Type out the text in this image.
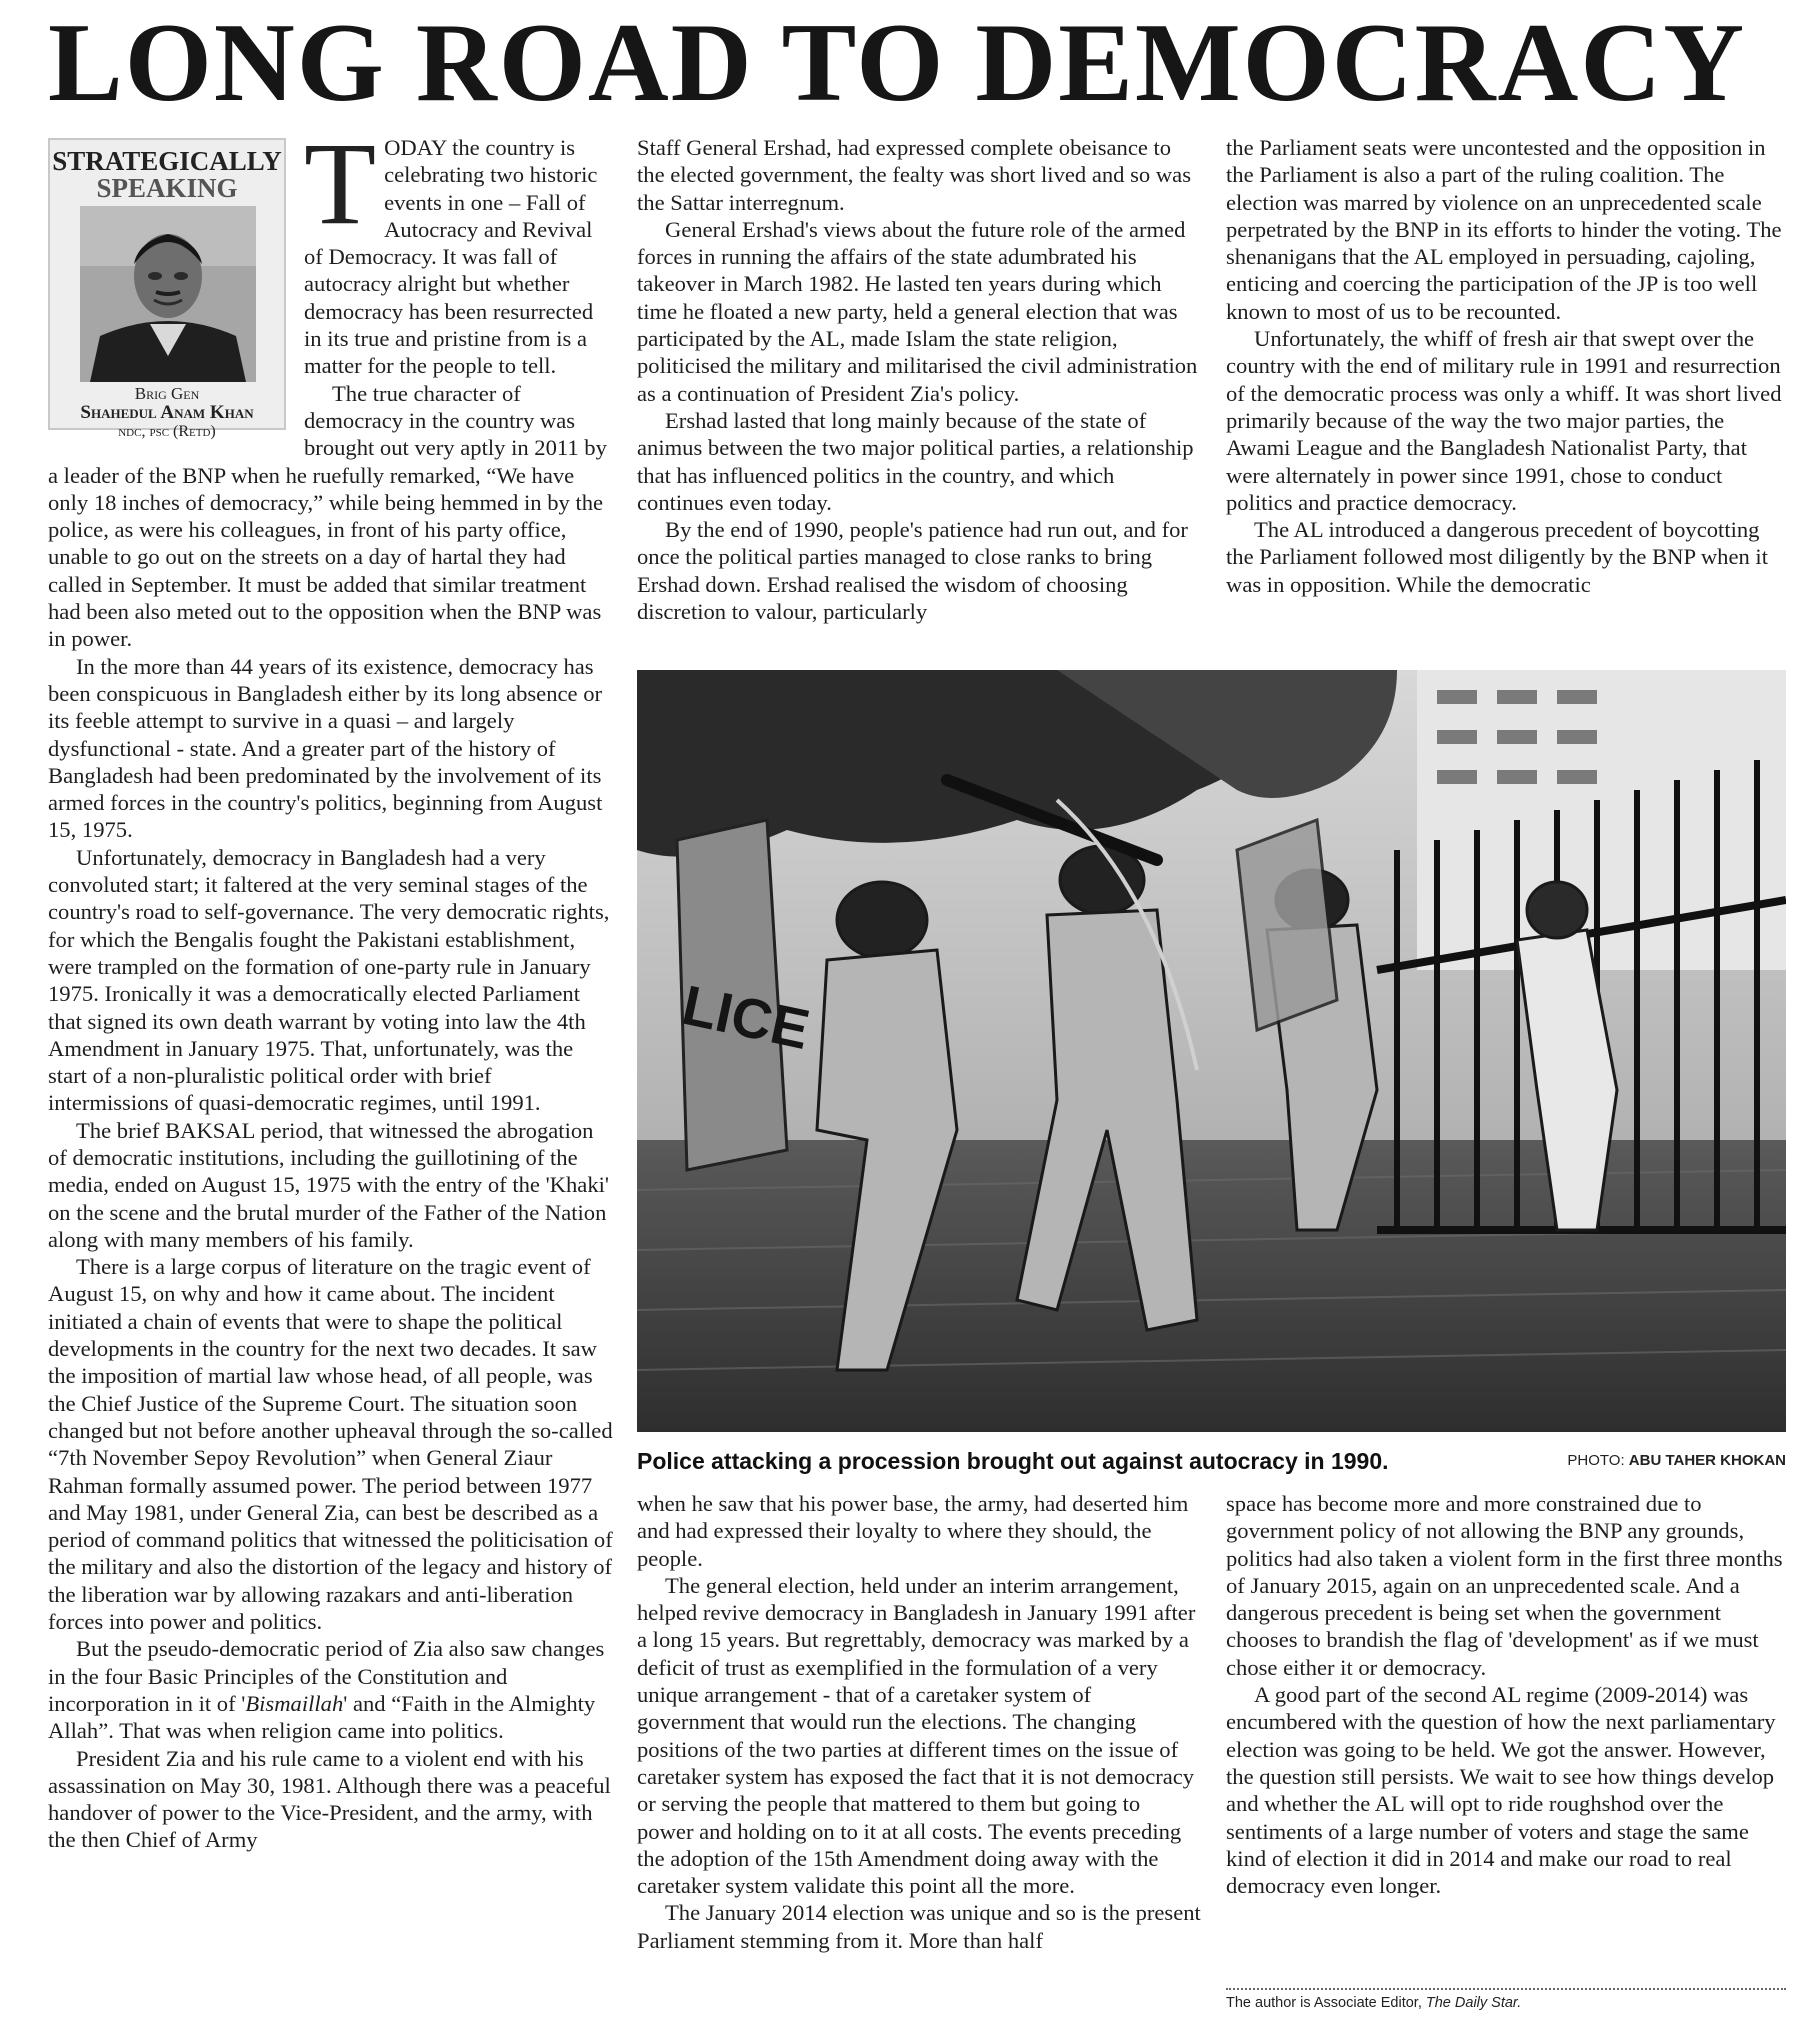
LONG ROAD TO DEMOCRACY
STRATEGICALLY
SPEAKING
Brig Gen
Shahedul Anam Khan
ndc, psc (Retd)

TODAY the country is celebrating two historic events in one – Fall of Autocracy and Revival of Democracy. It was fall of autocracy alright but whether democracy has been resurrected in its true and pristine from is a matter for the people to tell.

The true character of democracy in the country was brought out very aptly in 2011 by a leader of the BNP when he ruefully remarked, “We have only 18 inches of democracy,” while being hemmed in by the police, as were his colleagues, in front of his party office, unable to go out on the streets on a day of hartal they had called in September. It must be added that similar treatment had been also meted out to the opposition when the BNP was in power.

In the more than 44 years of its existence, democracy has been conspicuous in Bangladesh either by its long absence or its feeble attempt to survive in a quasi – and largely dysfunctional - state. And a greater part of the history of Bangladesh had been predominated by the involvement of its armed forces in the country's politics, beginning from August 15, 1975.

Unfortunately, democracy in Bangladesh had a very convoluted start; it faltered at the very seminal stages of the country's road to self-governance. The very democratic rights, for which the Bengalis fought the Pakistani establishment, were trampled on the formation of one-party rule in January 1975. Ironically it was a democratically elected Parliament that signed its own death warrant by voting into law the 4th Amendment in January 1975. That, unfortunately, was the start of a non-pluralistic political order with brief intermissions of quasi-democratic regimes, until 1991.

The brief BAKSAL period, that witnessed the abrogation of democratic institutions, including the guillotining of the media, ended on August 15, 1975 with the entry of the 'Khaki' on the scene and the brutal murder of the Father of the Nation along with many members of his family.

There is a large corpus of literature on the tragic event of August 15, on why and how it came about. The incident initiated a chain of events that were to shape the political developments in the country for the next two decades. It saw the imposition of martial law whose head, of all people, was the Chief Justice of the Supreme Court. The situation soon changed but not before another upheaval through the so-called “7th November Sepoy Revolution” when General Ziaur Rahman formally assumed power. The period between 1977 and May 1981, under General Zia, can best be described as a period of command politics that witnessed the politicisation of the military and also the distortion of the legacy and history of the liberation war by allowing razakars and anti-liberation forces into power and politics.

But the pseudo-democratic period of Zia also saw changes in the four Basic Principles of the Constitution and incorporation in it of 'Bismaillah' and “Faith in the Almighty Allah”. That was when religion came into politics.

President Zia and his rule came to a violent end with his assassination on May 30, 1981. Although there was a peaceful handover of power to the Vice-President, and the army, with the then Chief of Army

Staff General Ershad, had expressed complete obeisance to the elected government, the fealty was short lived and so was the Sattar interregnum.

General Ershad's views about the future role of the armed forces in running the affairs of the state adumbrated his takeover in March 1982. He lasted ten years during which time he floated a new party, held a general election that was participated by the AL, made Islam the state religion, politicised the military and militarised the civil administration as a continuation of President Zia's policy.

Ershad lasted that long mainly because of the state of animus between the two major political parties, a relationship that has influenced politics in the country, and which continues even today.

By the end of 1990, people's patience had run out, and for once the political parties managed to close ranks to bring Ershad down. Ershad realised the wisdom of choosing discretion to valour, particularly

the Parliament seats were uncontested and the opposition in the Parliament is also a part of the ruling coalition. The election was marred by violence on an unprecedented scale perpetrated by the BNP in its efforts to hinder the voting. The shenanigans that the AL employed in persuading, cajoling, enticing and coercing the participation of the JP is too well known to most of us to be recounted.

Unfortunately, the whiff of fresh air that swept over the country with the end of military rule in 1991 and resurrection of the democratic process was only a whiff. It was short lived primarily because of the way the two major parties, the Awami League and the Bangladesh Nationalist Party, that were alternately in power since 1991, chose to conduct politics and practice democracy.

The AL introduced a dangerous precedent of boycotting the Parliament followed most diligently by the BNP when it was in opposition. While the democratic

LICE
Police attacking a procession brought out against autocracy in 1990.	PHOTO: ABU TAHER KHOKAN

when he saw that his power base, the army, had deserted him and had expressed their loyalty to where they should, the people.

The general election, held under an interim arrangement, helped revive democracy in Bangladesh in January 1991 after a long 15 years. But regrettably, democracy was marked by a deficit of trust as exemplified in the formulation of a very unique arrangement - that of a caretaker system of government that would run the elections. The changing positions of the two parties at different times on the issue of caretaker system has exposed the fact that it is not democracy or serving the people that mattered to them but going to power and holding on to it at all costs. The events preceding the adoption of the 15th Amendment doing away with the caretaker system validate this point all the more.

The January 2014 election was unique and so is the present Parliament stemming from it. More than half

space has become more and more constrained due to government policy of not allowing the BNP any grounds, politics had also taken a violent form in the first three months of January 2015, again on an unprecedented scale. And a dangerous precedent is being set when the government chooses to brandish the flag of 'development' as if we must chose either it or democracy.

A good part of the second AL regime (2009-2014) was encumbered with the question of how the next parliamentary election was going to be held. We got the answer. However, the question still persists. We wait to see how things develop and whether the AL will opt to ride roughshod over the sentiments of a large number of voters and stage the same kind of election it did in 2014 and make our road to real democracy even longer.

The author is Associate Editor, The Daily Star.
